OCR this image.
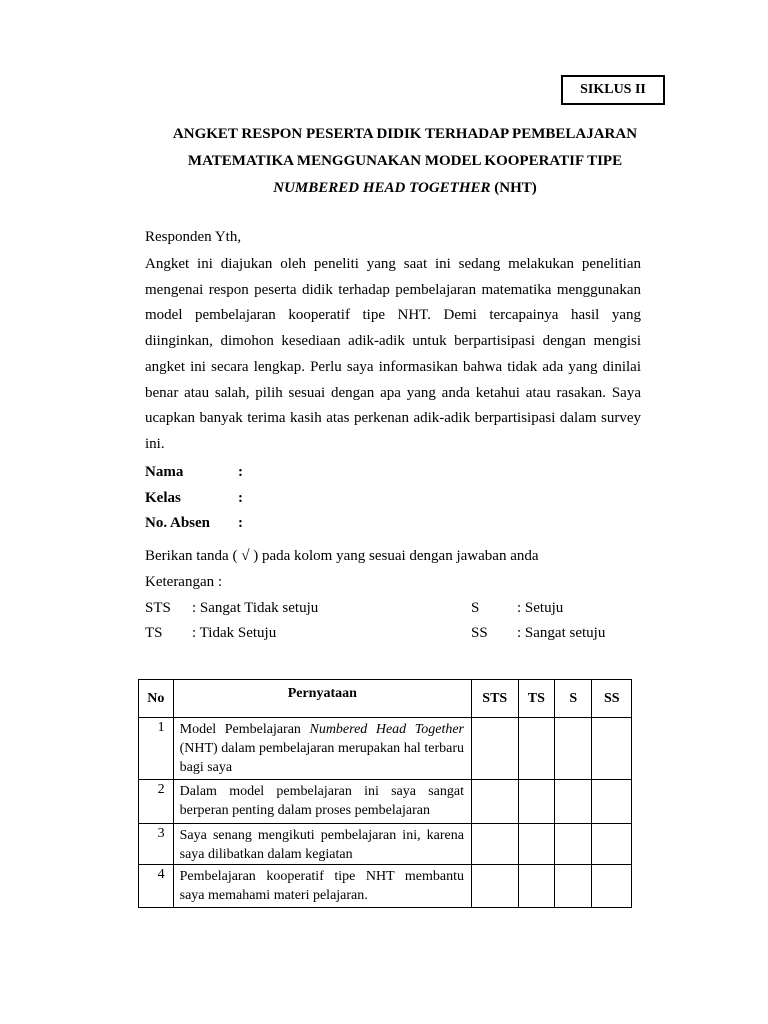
SIKLUS II
ANGKET RESPON PESERTA DIDIK TERHADAP PEMBELAJARAN
MATEMATIKA MENGGUNAKAN MODEL KOOPERATIF TIPE
NUMBERED HEAD TOGETHER (NHT)
Responden Yth,
Angket ini diajukan oleh peneliti yang saat ini sedang melakukan penelitian mengenai respon peserta didik terhadap pembelajaran matematika menggunakan model pembelajaran kooperatif tipe NHT. Demi tercapainya hasil yang diinginkan, dimohon kesediaan adik-adik untuk berpartisipasi dengan mengisi angket ini secara lengkap. Perlu saya informasikan bahwa tidak ada yang dinilai benar atau salah, pilih sesuai dengan apa yang anda ketahui atau rasakan. Saya ucapkan banyak terima kasih atas perkenan adik-adik berpartisipasi dalam survey ini.
Nama	:
Kelas	:
No. Absen :
Berikan tanda ( √ ) pada kolom yang sesuai dengan jawaban anda
Keterangan :
STS : Sangat Tidak setuju
TS : Tidak Setuju
S	: Setuju
SS : Sangat setuju
No	Pernyataan	STS	TS	S	SS
1	Model Pembelajaran Numbered Head Together (NHT) dalam pembelajaran merupakan hal terbaru bagi saya				
2	Dalam model pembelajaran ini saya sangat berperan penting dalam proses pembelajaran				
3	Saya senang mengikuti pembelajaran ini, karena saya dilibatkan dalam kegiatan				

4	Pembelajaran kooperatif tipe NHT membantu saya memahami materi pelajaran.				
